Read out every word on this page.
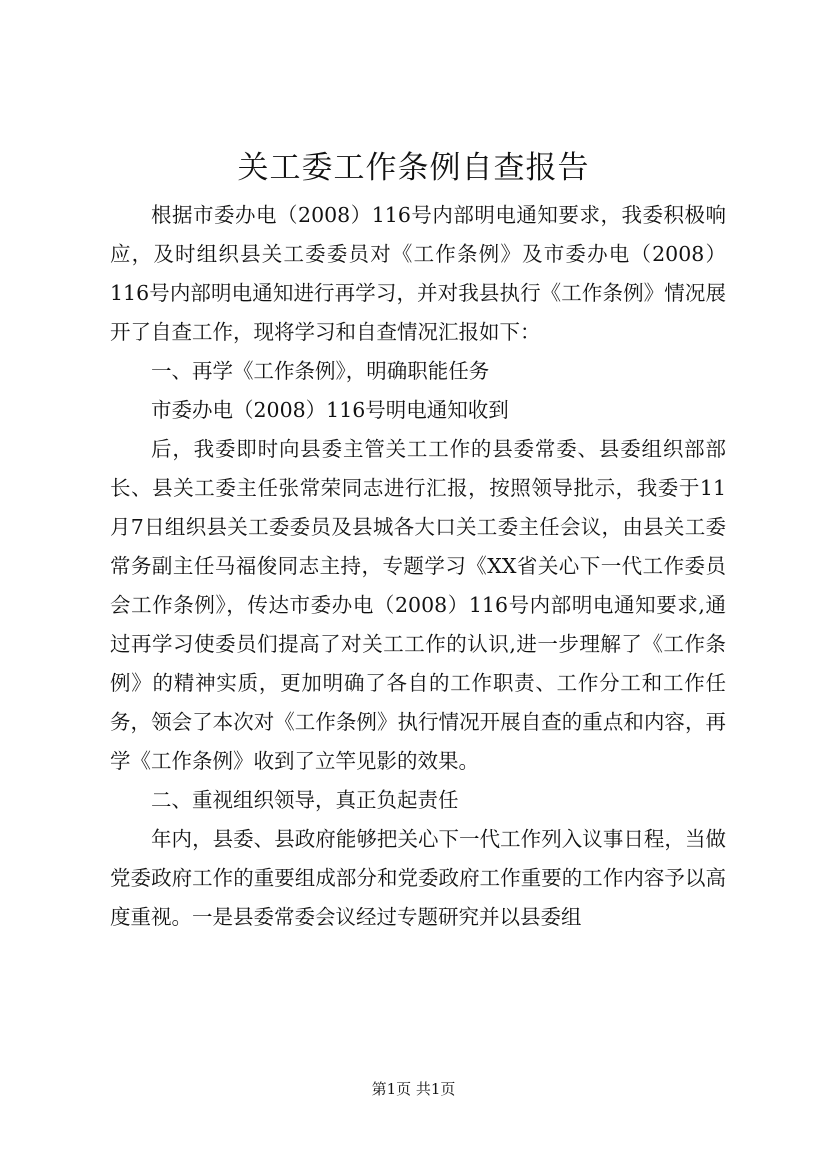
关工委工作条例自查报告

根据市委办电（2008）116号内部明电通知要求，我委积极响应，及时组织县关工委委员对《工作条例》及市委办电（2008）116号内部明电通知进行再学习，并对我县执行《工作条例》情况展开了自查工作，现将学习和自查情况汇报如下：

一、再学《工作条例》，明确职能任务

市委办电（2008）116号明电通知收到

后，我委即时向县委主管关工工作的县委常委、县委组织部部长、县关工委主任张常荣同志进行汇报，按照领导批示，我委于11月7日组织县关工委委员及县城各大口关工委主任会议，由县关工委常务副主任马福俊同志主持，专题学习《XX省关心下一代工作委员会工作条例》，传达市委办电（2008）116号内部明电通知要求,通过再学习使委员们提高了对关工工作的认识,进一步理解了《工作条例》的精神实质，更加明确了各自的工作职责、工作分工和工作任务，领会了本次对《工作条例》执行情况开展自查的重点和内容，再学《工作条例》收到了立竿见影的效果。

二、重视组织领导，真正负起责任

年内，县委、县政府能够把关心下一代工作列入议事日程，当做党委政府工作的重要组成部分和党委政府工作重要的工作内容予以高度重视。一是县委常委会议经过专题研究并以县委组

第1页 共1页
